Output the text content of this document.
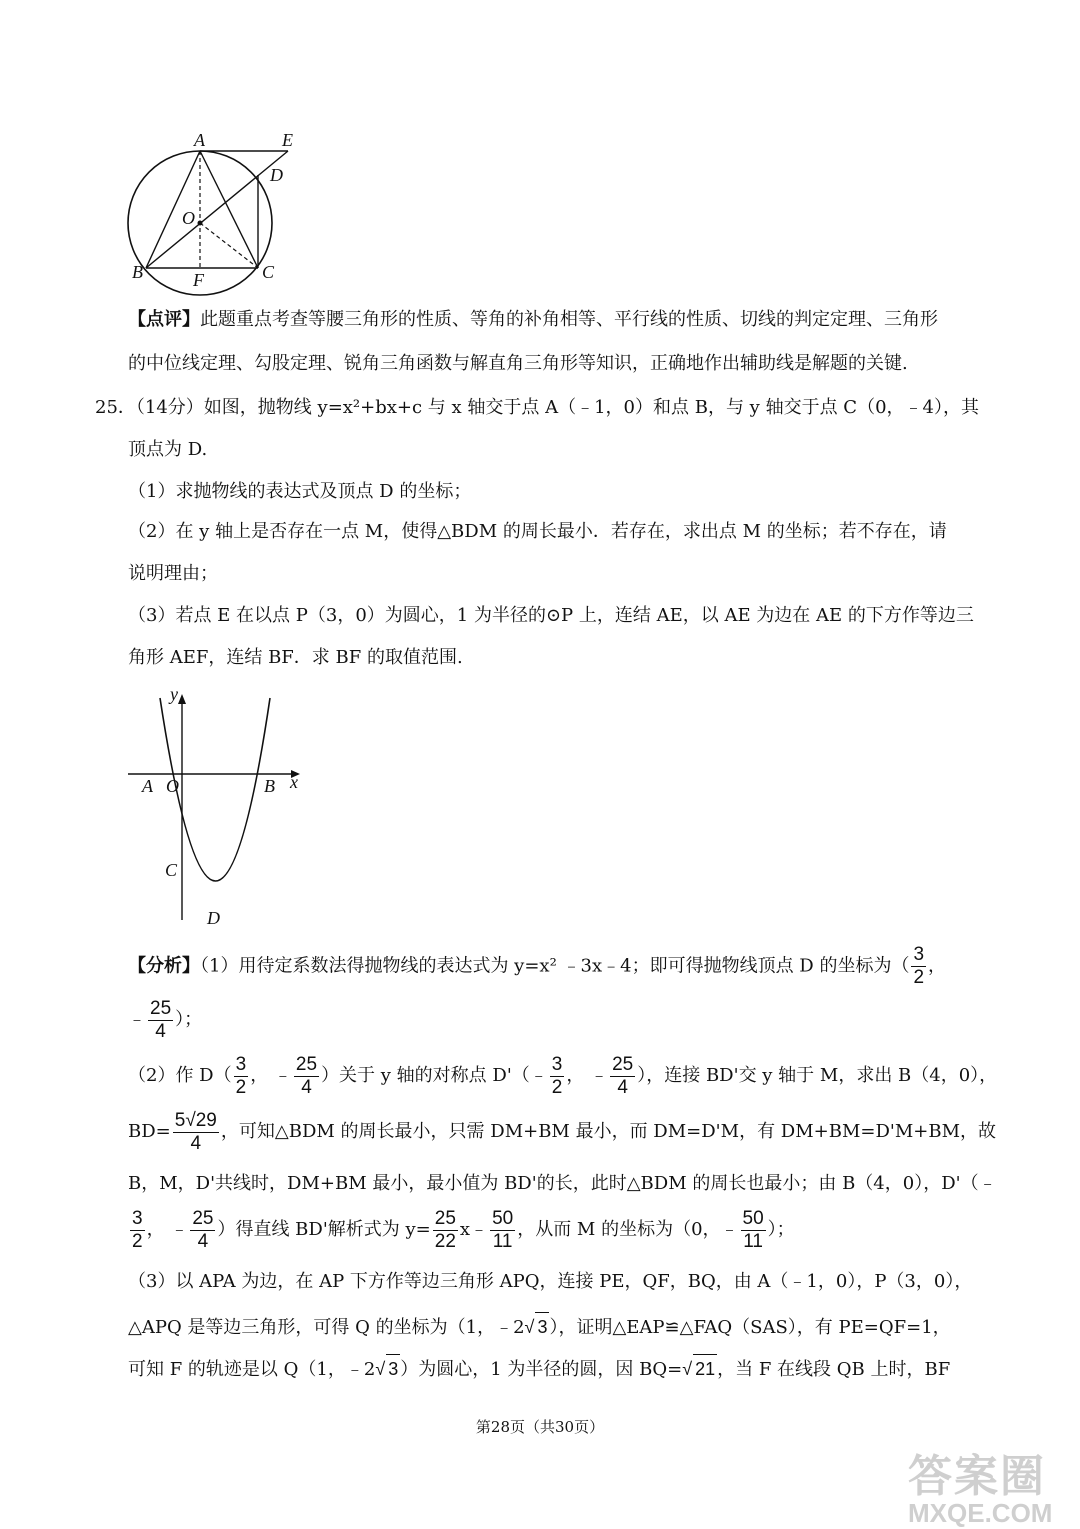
A	E
D
O
B	F	C
【点评】此题重点考查等腰三角形的性质、等角的补角相等、平行线的性质、切线的判定定理、三角形
的中位线定理、勾股定理、锐角三角函数与解直角三角形等知识，正确地作出辅助线是解题的关键.
25．（14分）如图，抛物线 y=x²+bx+c 与 x 轴交于点 A（﹣1，0）和点 B，与 y 轴交于点 C（0，﹣4），其
顶点为 D.
（1）求抛物线的表达式及顶点 D 的坐标；
（2）在 y 轴上是否存在一点 M，使得△BDM 的周长最小．若存在，求出点 M 的坐标；若不存在，请
说明理由；
（3）若点 E 在以点 P（3，0）为圆心，1 为半径的⊙P 上，连结 AE，以 AE 为边在 AE 的下方作等边三
角形 AEF，连结 BF．求 BF 的取值范围.
y
x
A O	B
C
D
【分析】（1）用待定系数法得抛物线的表达式为 y=x² ﹣3x﹣4；即可得抛物线顶点 D 的坐标为（ $\frac{3}{2}$ ，
﹣ $\frac{25}{4}$ ）；
（2）作 $D( \frac{3}{2}$ ， ﹣ $\frac{25}{4}$ ）关于 y 轴的对称点 D'（﹣ $\frac{3}{2}$ ， ﹣ $\frac{25}{4}$ ），连接 BD'交 y 轴于 M，求出 B（4，0），
$BD= \frac{5√29}{4}$ ，可知△BDM 的周长最小，只需 DM+BM 最小，而 DM=D'M，有 DM+BM=D'M+BM，故
B，M，D'共线时，DM+BM 最小，最小值为 BD'的长，此时△BDM 的周长也最小；由 B（4，0），D'（﹣
$\frac{3}{2}$ ， ﹣ $\frac{25}{4}$ ）得直线 BD'解析式为 $y= \frac{25}{22}$ x﹣ $\frac{50}{11}$ ，从而 M 的坐标为（0，﹣ $\frac{50}{11}$ ）；
（3）以 APA 为边，在 AP 下方作等边三角形 APQ，连接 PE，QF，BQ，由 A（﹣1，0），P（3，0），
△APQ 是等边三角形，可得 Q 的坐标为（1，﹣2√ 3 ），证明△EAP≌△FAQ（SAS），有 PE=QF=1，
可知 F 的轨迹是以 Q（1，﹣2√ 3 ）为圆心，1 为半径的圆，因 BQ=√ 21 ，当 F 在线段 QB 上时，BF
第28页（共30页）
答案圈
MXQE.COM
